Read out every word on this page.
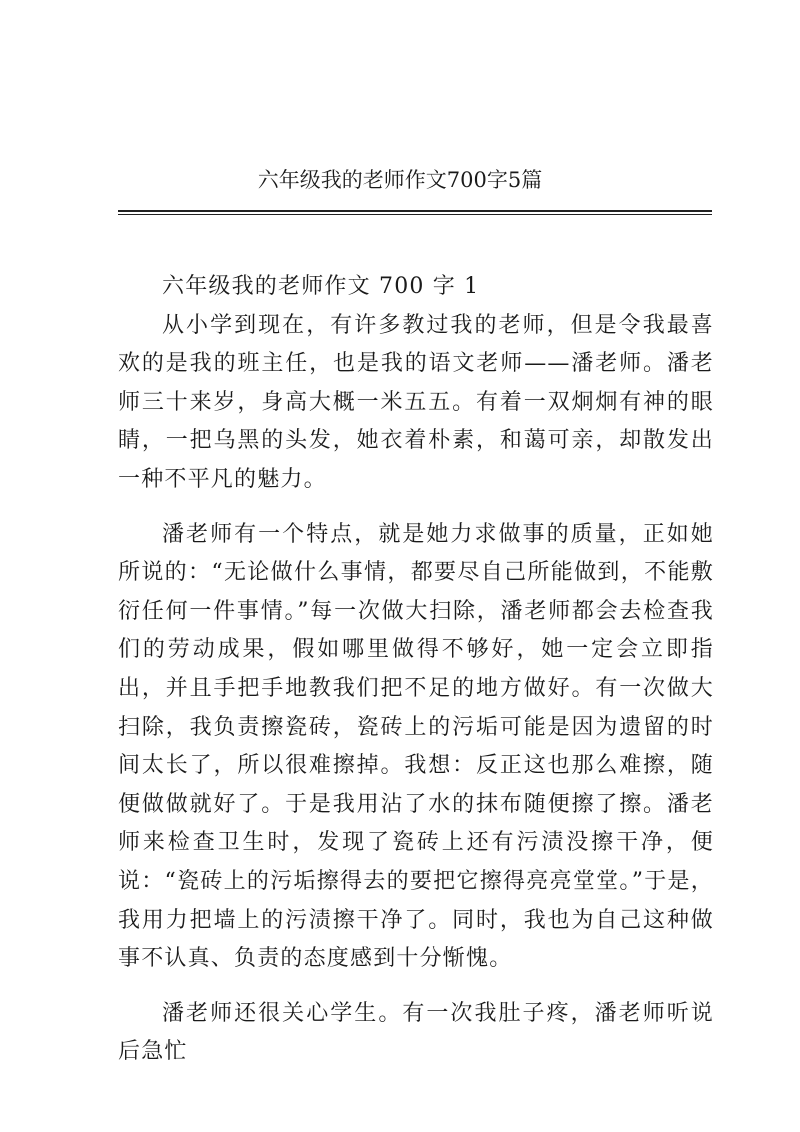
六年级我的老师作文700字5篇

六年级我的老师作文 700 字 1

从小学到现在，有许多教过我的老师，但是令我最喜欢的是我的班主任，也是我的语文老师——潘老师。潘老师三十来岁，身高大概一米五五。有着一双炯炯有神的眼睛，一把乌黑的头发，她衣着朴素，和蔼可亲，却散发出一种不平凡的魅力。

潘老师有一个特点，就是她力求做事的质量，正如她所说的：“无论做什么事情，都要尽自己所能做到，不能敷衍任何一件事情。”每一次做大扫除，潘老师都会去检查我们的劳动成果，假如哪里做得不够好，她一定会立即指出，并且手把手地教我们把不足的地方做好。有一次做大扫除，我负责擦瓷砖，瓷砖上的污垢可能是因为遗留的时间太长了，所以很难擦掉。我想：反正这也那么难擦，随便做做就好了。于是我用沾了水的抹布随便擦了擦。潘老师来检查卫生时，发现了瓷砖上还有污渍没擦干净，便说：“瓷砖上的污垢擦得去的要把它擦得亮亮堂堂。”于是，我用力把墙上的污渍擦干净了。同时，我也为自己这种做事不认真、负责的态度感到十分惭愧。

潘老师还很关心学生。有一次我肚子疼，潘老师听说后急忙
